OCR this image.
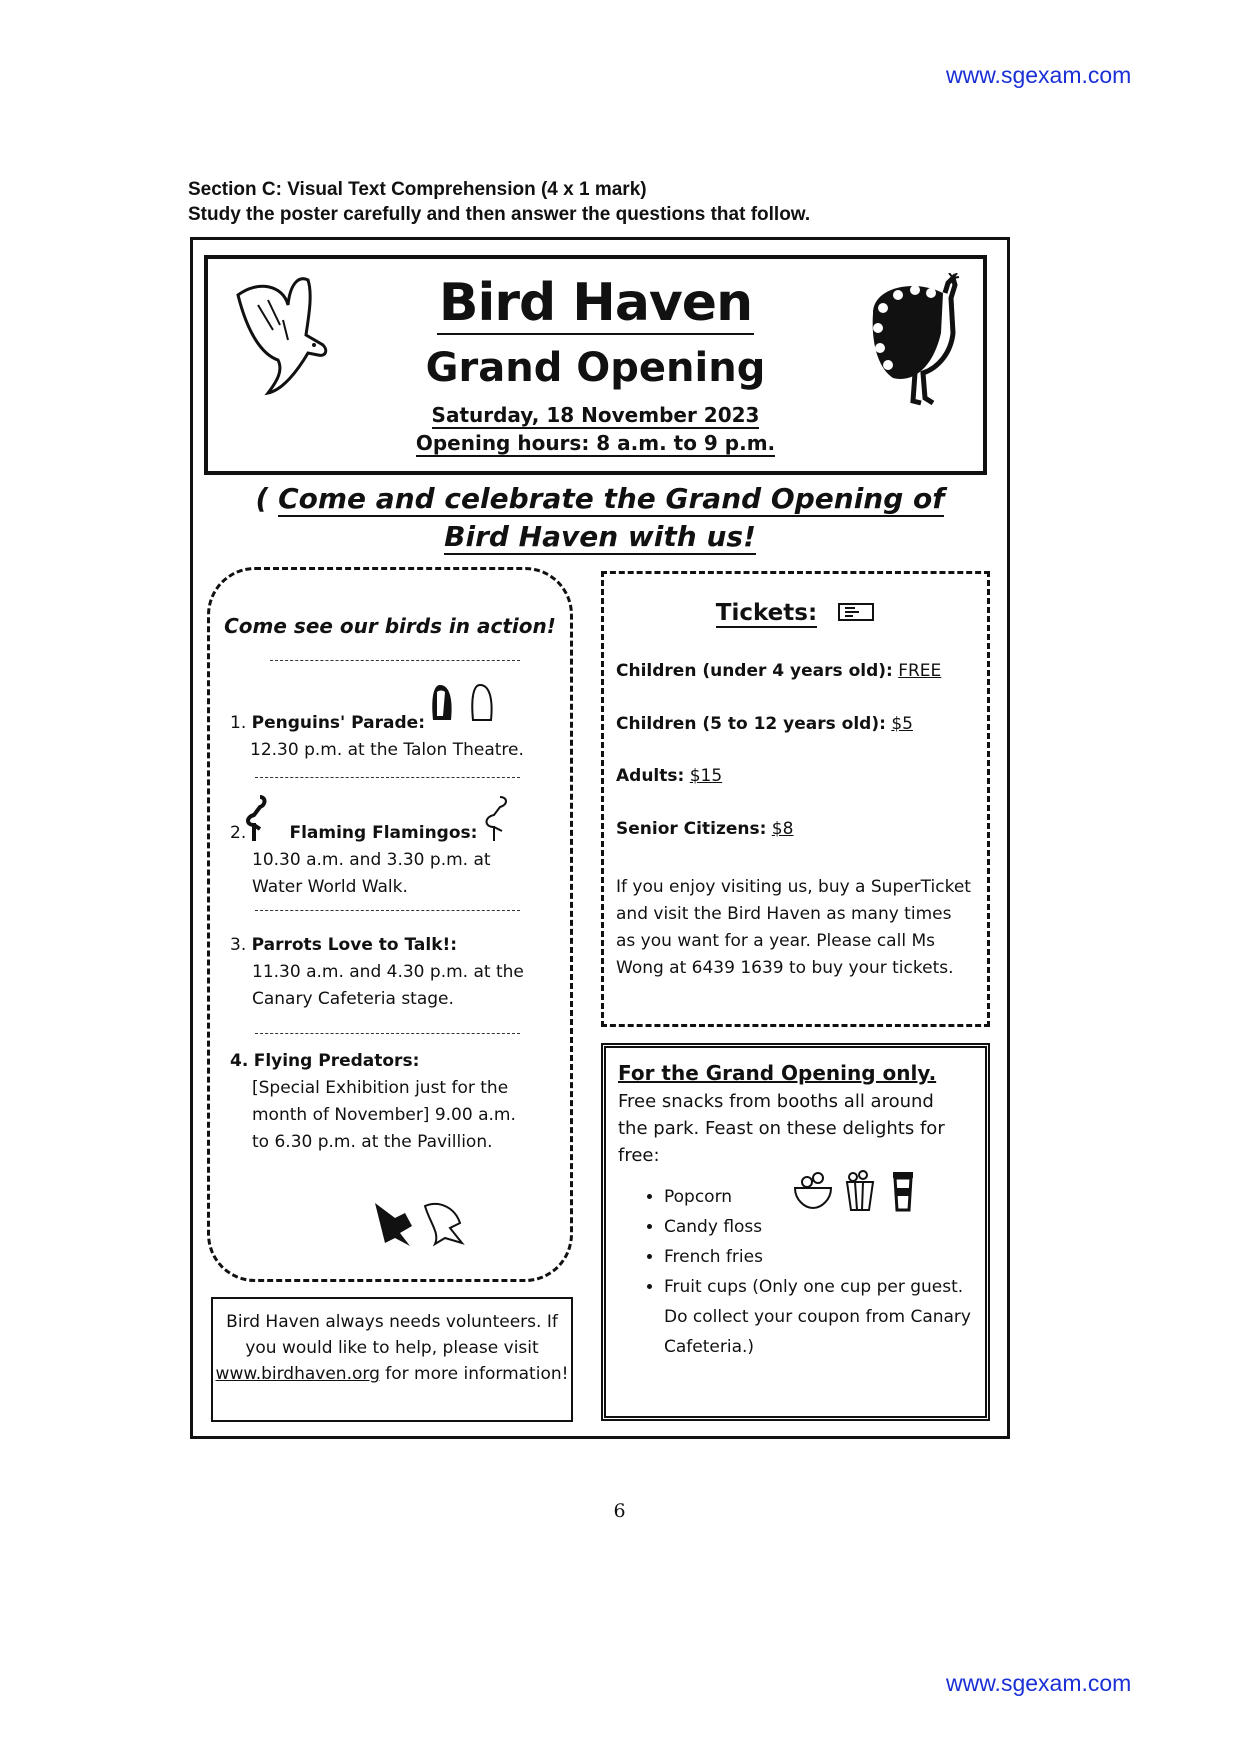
www.sgexam.com
www.sgexam.com
Section C: Visual Text Comprehension (4 x 1 mark)
Study the poster carefully and then answer the questions that follow.
Bird Haven
Grand Opening
Saturday, 18 November 2023
Opening hours: 8 a.m. to 9 p.m.
( Come and celebrate the Grand Opening of
Bird Haven with us!
Come see our birds in action!
1. Penguins' Parade:
12.30 p.m. at the Talon Theatre.
2.	Flaming Flamingos:
10.30 a.m. and 3.30 p.m. at Water World Walk.
3. Parrots Love to Talk!:
11.30 a.m. and 4.30 p.m. at the Canary Cafeteria stage.
4. Flying Predators:
[Special Exhibition just for the month of November] 9.00 a.m. to 6.30 p.m. at the Pavillion.
Tickets:
Children (under 4 years old): FREE
Children (5 to 12 years old): $5
Adults: $15
Senior Citizens: $8
If you enjoy visiting us, buy a SuperTicket and visit the Bird Haven as many times as you want for a year. Please call Ms Wong at 6439 1639 to buy your tickets.
For the Grand Opening only. Free snacks from booths all around the park. Feast on these delights for free:
• Popcorn
• Candy floss
• French fries
• Fruit cups (Only one cup per guest. Do collect your coupon from Canary Cafeteria.)
Bird Haven always needs volunteers. If you would like to help, please visit www.birdhaven.org for more information!
6
